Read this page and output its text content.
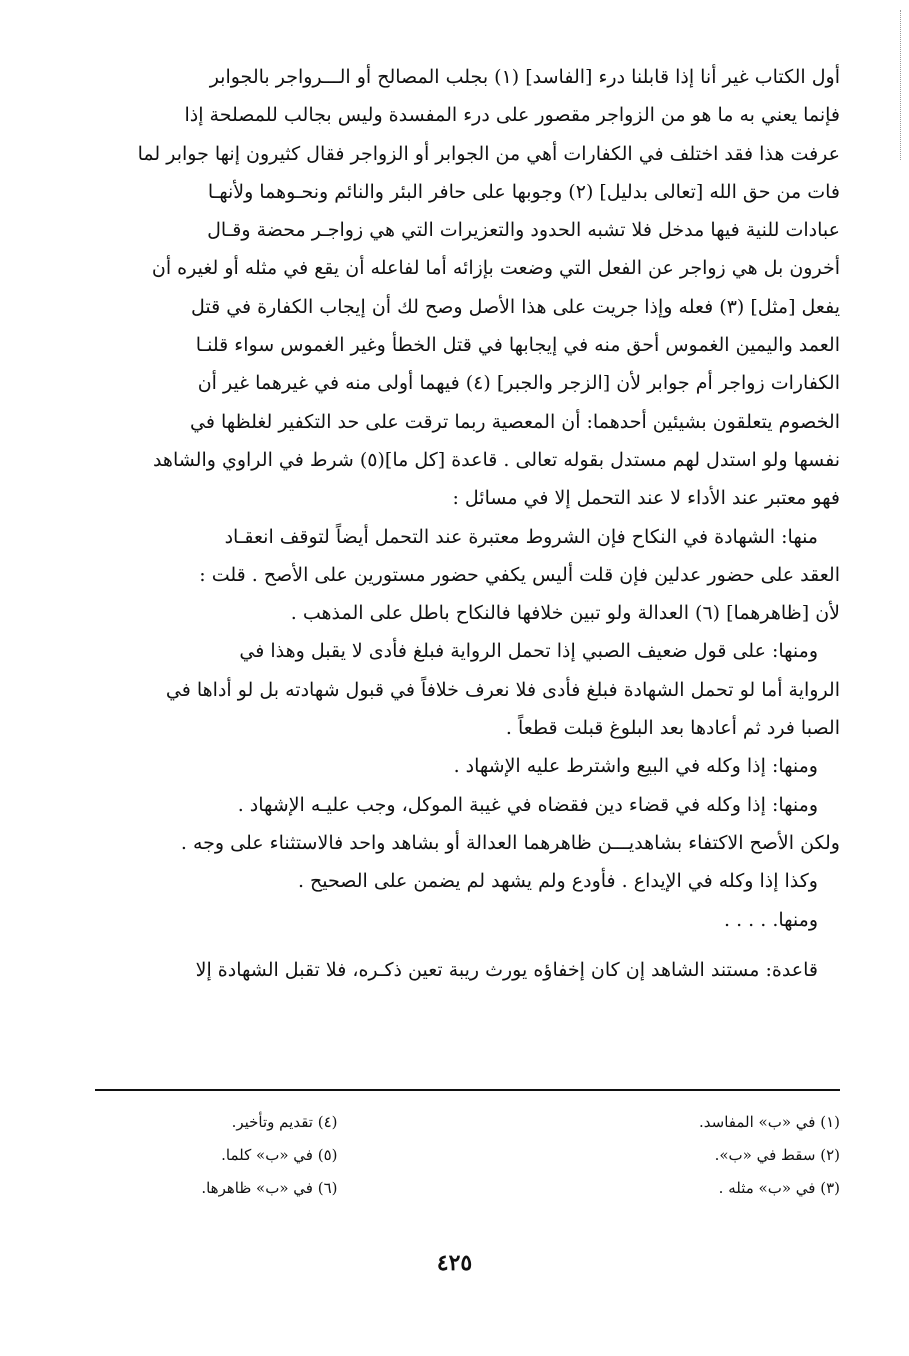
أول الكتاب غير أنا إذا قابلنا درء [الفاسد] (١) بجلب المصالح أو الـــرواجر بالجوابر

فإنما يعني به ما هو من الزواجر مقصور على درء المفسدة وليس بجالب للمصلحة إذا

عرفت هذا فقد اختلف في الكفارات أهي من الجوابر أو الزواجر فقال كثيرون إنها جوابر لما

فات من حق الله [تعالى بدليل] (٢) وجوبها على حافر البئر والنائم ونحـوهما ولأنهـا

عبادات للنية فيها مدخل فلا تشبه الحدود والتعزيرات التي هي زواجـر محضة وقـال

أخرون بل هي زواجر عن الفعل التي وضعت بإزائه أما لفاعله أن يقع في مثله أو لغيره أن

يفعل [مثل] (٣) فعله وإذا جريت على هذا الأصل وصح لك أن إيجاب الكفارة في قتل

العمد واليمين الغموس أحق منه في إيجابها في قتل الخطأ وغير الغموس سواء قلنـا

الكفارات زواجر أم جوابر لأن [الزجر والجبر] (٤) فيهما أولى منه في غيرهما غير أن

الخصوم يتعلقون بشيئين أحدهما: أن المعصية ربما ترقت على حد التكفير لغلظها في

نفسها ولو استدل لهم مستدل بقوله تعالى . قاعدة [كل ما](٥) شرط في الراوي والشاهد

فهو معتبر عند الأداء لا عند التحمل إلا في مسائل :

منها: الشهادة في النكاح فإن الشروط معتبرة عند التحمل أيضاً لتوقف انعقـاد

العقد على حضور عدلين فإن قلت أليس يكفي حضور مستورين على الأصح . قلت :

لأن [ظاهرهما] (٦) العدالة ولو تبين خلافها فالنكاح باطل على المذهب .

ومنها: على قول ضعيف الصبي إذا تحمل الرواية فبلغ فأدى لا يقبل وهذا في

الرواية أما لو تحمل الشهادة فبلغ فأدى فلا نعرف خلافاً في قبول شهادته بل لو أداها في

الصبا فرد ثم أعادها بعد البلوغ قبلت قطعاً .

ومنها: إذا وكله في البيع واشترط عليه الإشهاد .

ومنها: إذا وكله في قضاء دين فقضاه في غيبة الموكل، وجب عليـه الإشهاد .

ولكن الأصح الاكتفاء بشاهديـــن ظاهرهما العدالة أو بشاهد واحد فالاستثناء على وجه .

وكذا إذا وكله في الإيداع . فأودع ولم يشهد لم يضمن على الصحيح .

ومنها. . . . .

قاعدة: مستند الشاهد إن كان إخفاؤه يورث ريبة تعين ذكـره، فلا تقبل الشهادة إلا

(١) في «ب» المفاسد.
(٢) سقط في «ب».
(٣) في «ب» مثله .
(٤) تقديم وتأخير.
(٥) في «ب» كلما.
(٦) في «ب» ظاهرها.
٤٢٥
